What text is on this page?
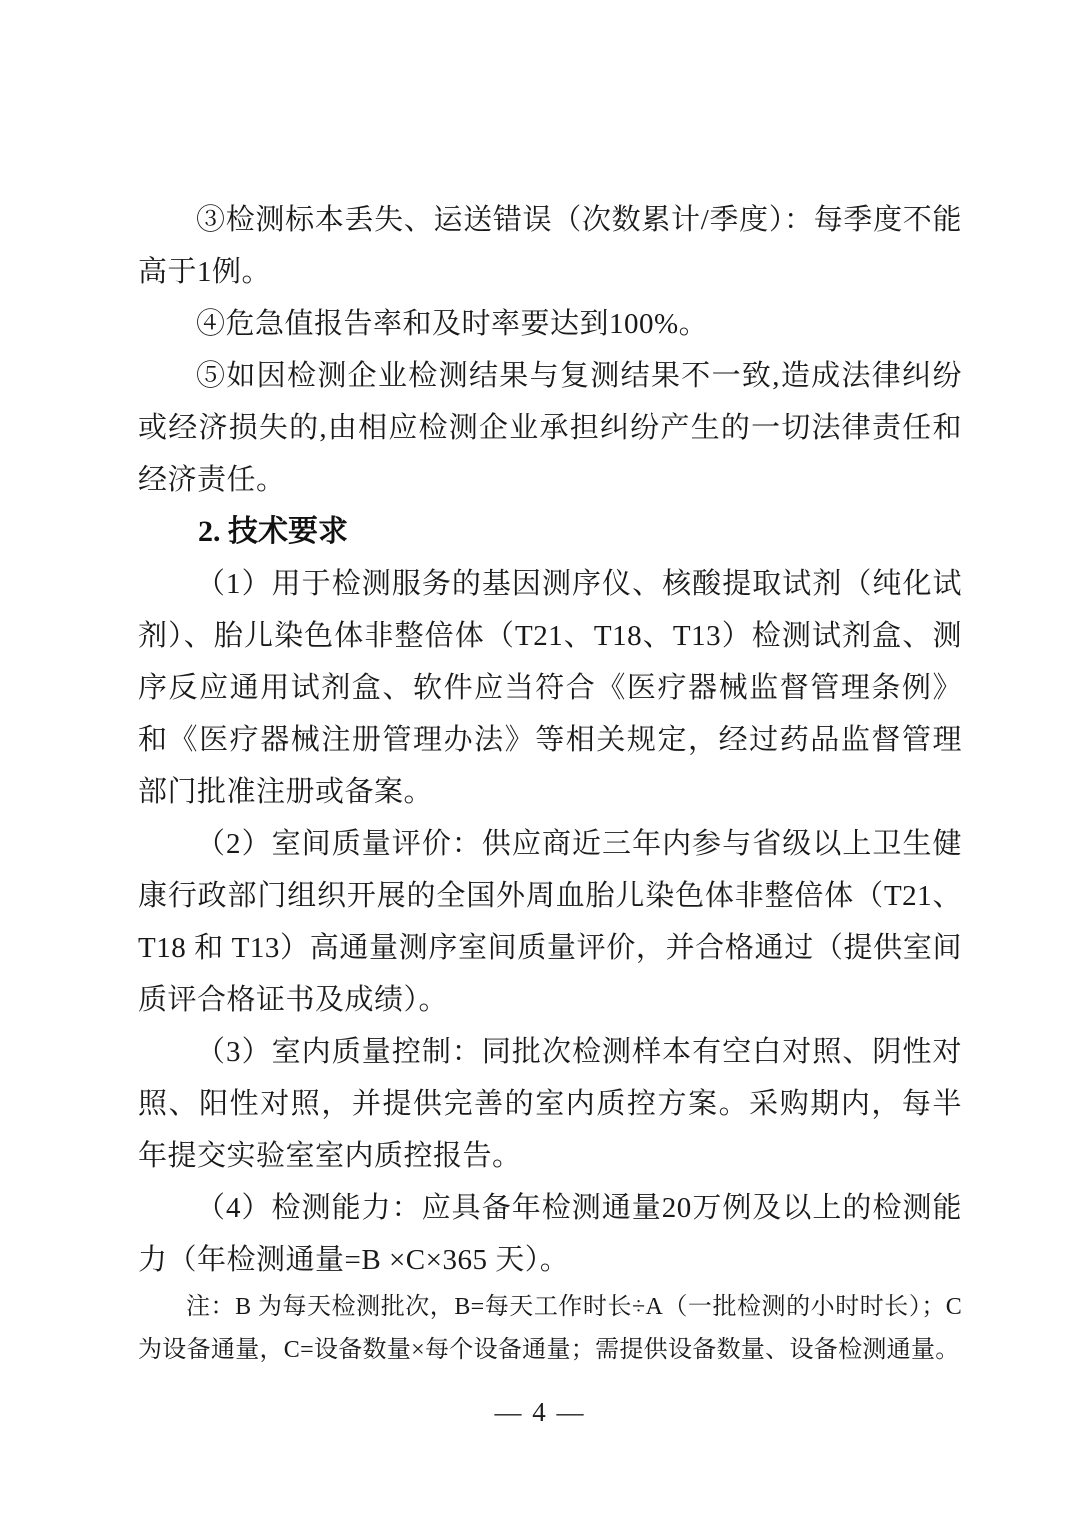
③检测标本丢失、运送错误（次数累计/季度）：每季度不能高于1例。

④危急值报告率和及时率要达到100%。

⑤如因检测企业检测结果与复测结果不一致,造成法律纠纷或经济损失的,由相应检测企业承担纠纷产生的一切法律责任和经济责任。

2. 技术要求

（1）用于检测服务的基因测序仪、核酸提取试剂（纯化试剂）、胎儿染色体非整倍体（T21、T18、T13）检测试剂盒、测序反应通用试剂盒、软件应当符合《医疗器械监督管理条例》和《医疗器械注册管理办法》等相关规定，经过药品监督管理部门批准注册或备案。

（2）室间质量评价：供应商近三年内参与省级以上卫生健康行政部门组织开展的全国外周血胎儿染色体非整倍体（T21、T18 和 T13）高通量测序室间质量评价，并合格通过（提供室间质评合格证书及成绩）。

（3）室内质量控制：同批次检测样本有空白对照、阴性对照、阳性对照，并提供完善的室内质控方案。采购期内，每半年提交实验室室内质控报告。

（4）检测能力：应具备年检测通量20万例及以上的检测能力（年检测通量=B ×C×365 天）。

注：B 为每天检测批次，B=每天工作时长÷A（一批检测的小时时长）；C 为设备通量，C=设备数量×每个设备通量；需提供设备数量、设备检测通量。

— 4 —
